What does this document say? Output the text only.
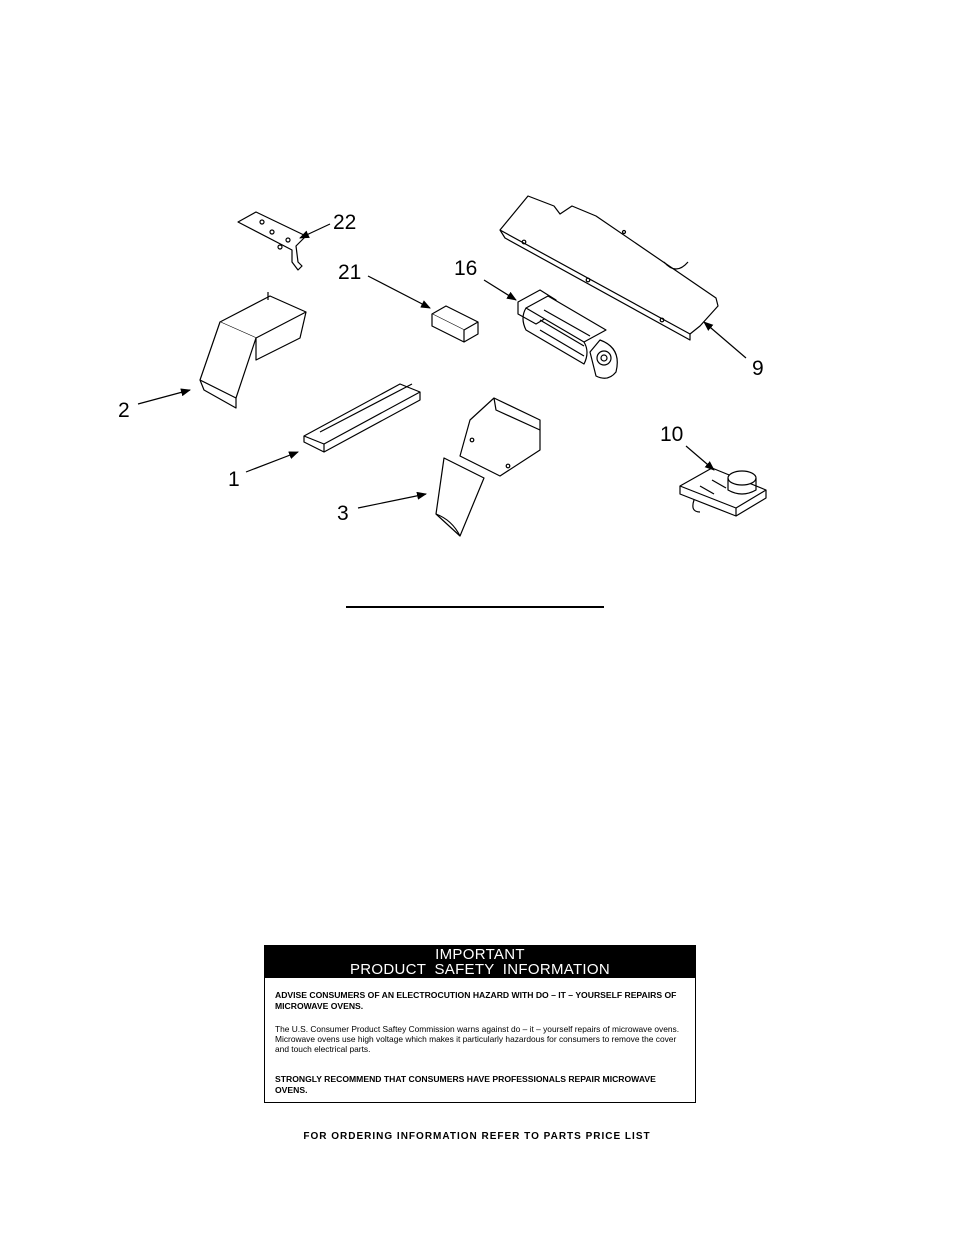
22
21	16
9
2
1
3
10
IMPORTANT
PRODUCT SAFETY INFORMATION
ADVISE CONSUMERS OF AN ELECTROCUTION HAZARD WITH DO – IT – YOURSELF REPAIRS OF MICROWAVE OVENS.
The U.S. Consumer Product Saftey Commission warns against do – it – yourself repairs of microwave ovens. Microwave ovens use high voltage which makes it particularly hazardous for consumers to remove the cover and touch electrical parts.
STRONGLY RECOMMEND THAT CONSUMERS HAVE PROFESSIONALS REPAIR MICROWAVE OVENS.
FOR ORDERING INFORMATION REFER TO PARTS PRICE LIST
